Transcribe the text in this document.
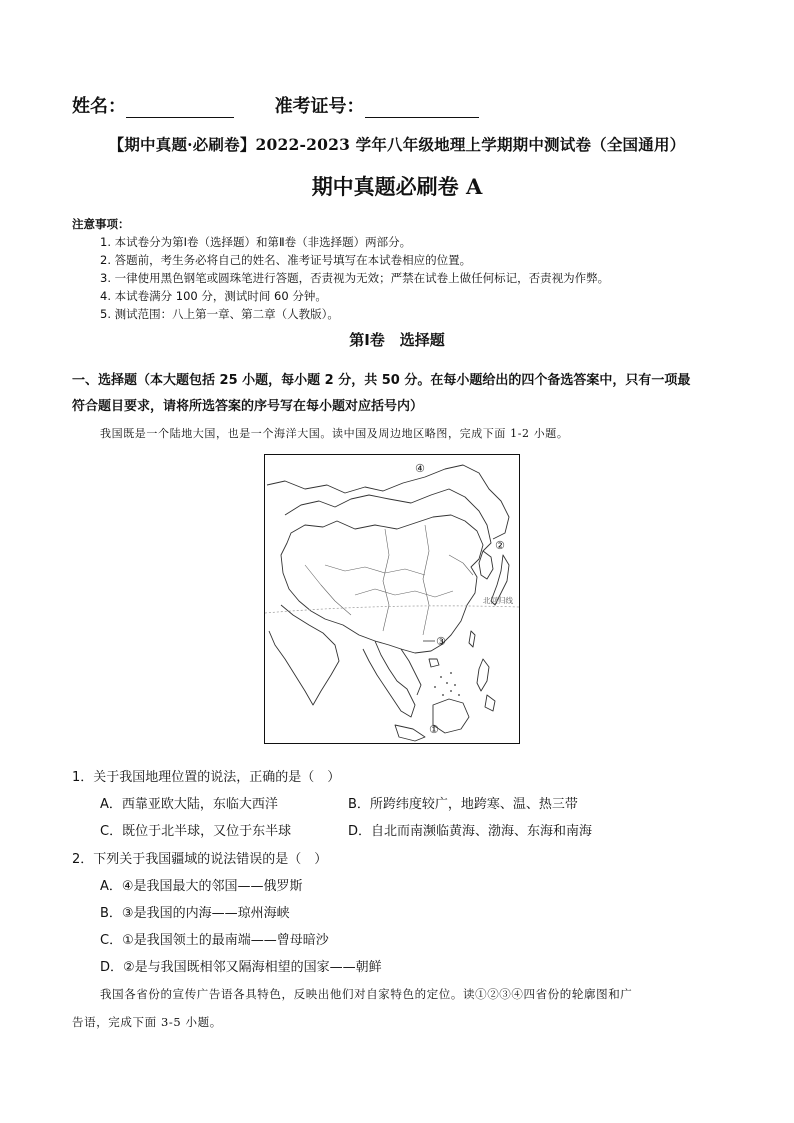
姓名：	准考证号：
【期中真题·必刷卷】2022-2023 学年八年级地理上学期期中测试卷（全国通用）
期中真题必刷卷 A
注意事项：
1. 本试卷分为第Ⅰ卷（选择题）和第Ⅱ卷（非选择题）两部分。
2. 答题前，考生务必将自己的姓名、准考证号填写在本试卷相应的位置。
3. 一律使用黑色钢笔或圆珠笔进行答题，否责视为无效；严禁在试卷上做任何标记，否责视为作弊。
4. 本试卷满分 100 分，测试时间 60 分钟。
5. 测试范围：八上第一章、第二章（人教版）。
第Ⅰ卷　选择题
一、选择题（本大题包括 25 小题，每小题 2 分，共 50 分。在每小题给出的四个备选答案中，只有一项最
符合题目要求，请将所选答案的序号写在每小题对应括号内）
我国既是一个陆地大国，也是一个海洋大国。读中国及周边地区略图，完成下面 1-2 小题。
④
②
③
①
北回归线
1．关于我国地理位置的说法，正确的是（　）
A．西靠亚欧大陆，东临大西洋	B．所跨纬度较广，地跨寒、温、热三带
C．既位于北半球，又位于东半球	D．自北而南濒临黄海、渤海、东海和南海
2．下列关于我国疆域的说法错误的是（　）
A．④是我国最大的邻国——俄罗斯
B．③是我国的内海——琼州海峡
C．①是我国领土的最南端——曾母暗沙
D．②是与我国既相邻又隔海相望的国家——朝鲜
我国各省份的宣传广告语各具特色，反映出他们对自家特色的定位。读①②③④四省份的轮廓图和广
告语，完成下面 3-5 小题。
